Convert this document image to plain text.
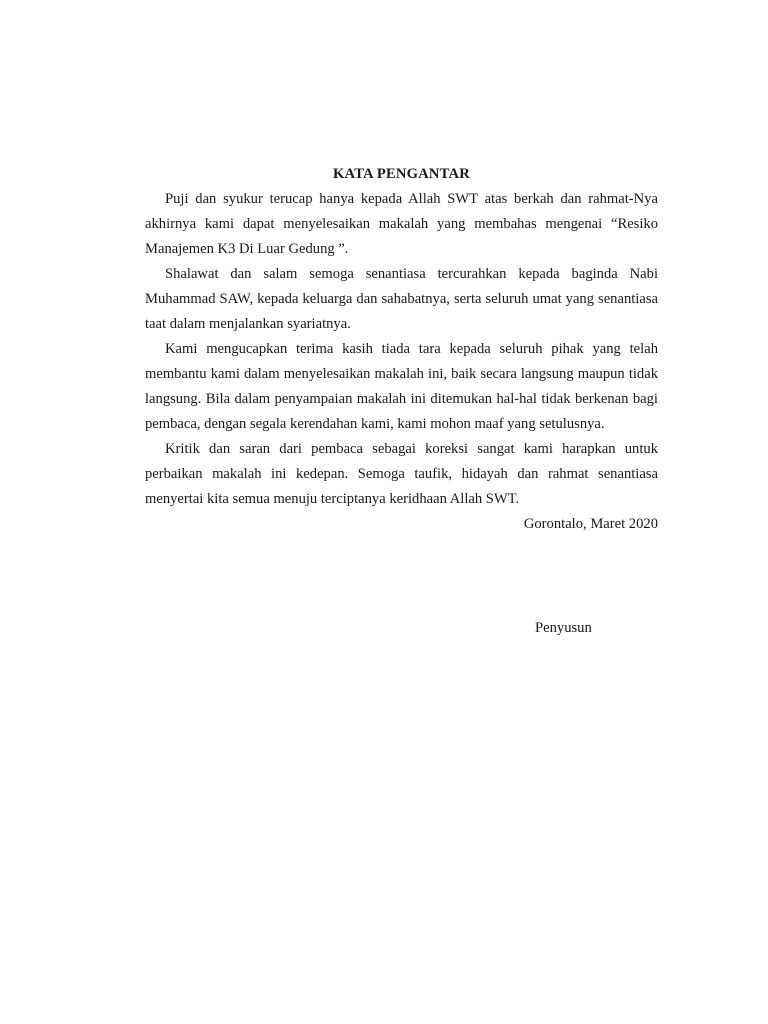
KATA PENGANTAR

Puji dan syukur terucap hanya kepada Allah SWT atas berkah dan rahmat-Nya akhirnya kami dapat menyelesaikan makalah yang membahas mengenai “Resiko Manajemen K3 Di Luar Gedung ”.

Shalawat dan salam semoga senantiasa tercurahkan kepada baginda Nabi Muhammad SAW, kepada keluarga dan sahabatnya, serta seluruh umat yang senantiasa taat dalam menjalankan syariatnya.

Kami mengucapkan terima kasih tiada tara kepada seluruh pihak yang telah membantu kami dalam menyelesaikan makalah ini, baik secara langsung maupun tidak langsung. Bila dalam penyampaian makalah ini ditemukan hal-hal tidak berkenan bagi pembaca, dengan segala kerendahan kami, kami mohon maaf yang setulusnya.

Kritik dan saran dari pembaca sebagai koreksi sangat kami harapkan untuk perbaikan makalah ini kedepan. Semoga taufik, hidayah dan rahmat senantiasa menyertai kita semua menuju terciptanya keridhaan Allah SWT.

Gorontalo, Maret 2020

Penyusun
